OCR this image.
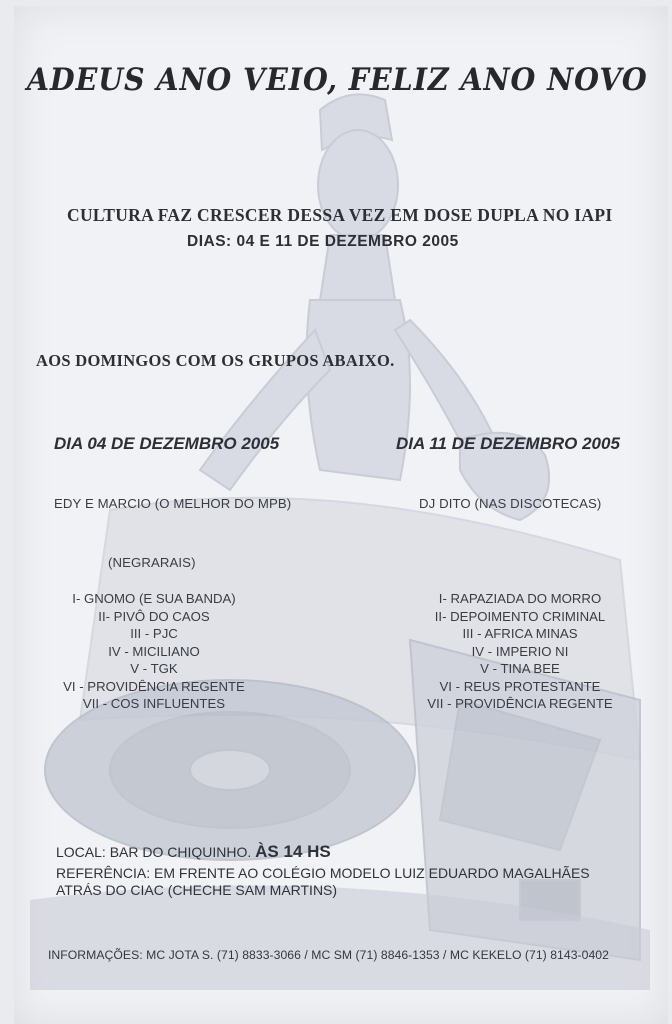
ADEUS ANO VEIO, FELIZ ANO NOVO
CULTURA FAZ CRESCER DESSA VEZ EM DOSE DUPLA NO IAPI
DIAS: 04 E 11 DE DEZEMBRO 2005
AOS DOMINGOS COM OS GRUPOS ABAIXO.
DIA 04 DE DEZEMBRO 2005	DIA 11 DE DEZEMBRO 2005
EDY E MARCIO (O MELHOR DO MPB)	DJ DITO (NAS DISCOTECAS)
(NEGRARAIS)
I- GNOMO (E SUA BANDA)
II- PIVÔ DO CAOS
III - PJC
IV - MICILIANO
V - TGK
VI - PROVIDÊNCIA REGENTE
VII - COS INFLUENTES
I- RAPAZIADA DO MORRO
II- DEPOIMENTO CRIMINAL
III - AFRICA MINAS
IV - IMPERIO NI
V - TINA BEE
VI - REUS PROTESTANTE
VII - PROVIDÊNCIA REGENTE
LOCAL: BAR DO CHIQUINHO. ÀS 14 HS
REFERÊNCIA: EM FRENTE AO COLÉGIO MODELO LUIZ EDUARDO MAGALHÃES
ATRÁS DO CIAC (CHECHE SAM MARTINS)
INFORMAÇÕES: MC JOTA S. (71) 8833-3066 / MC SM (71) 8846-1353 / MC KEKELO (71) 8143-0402
